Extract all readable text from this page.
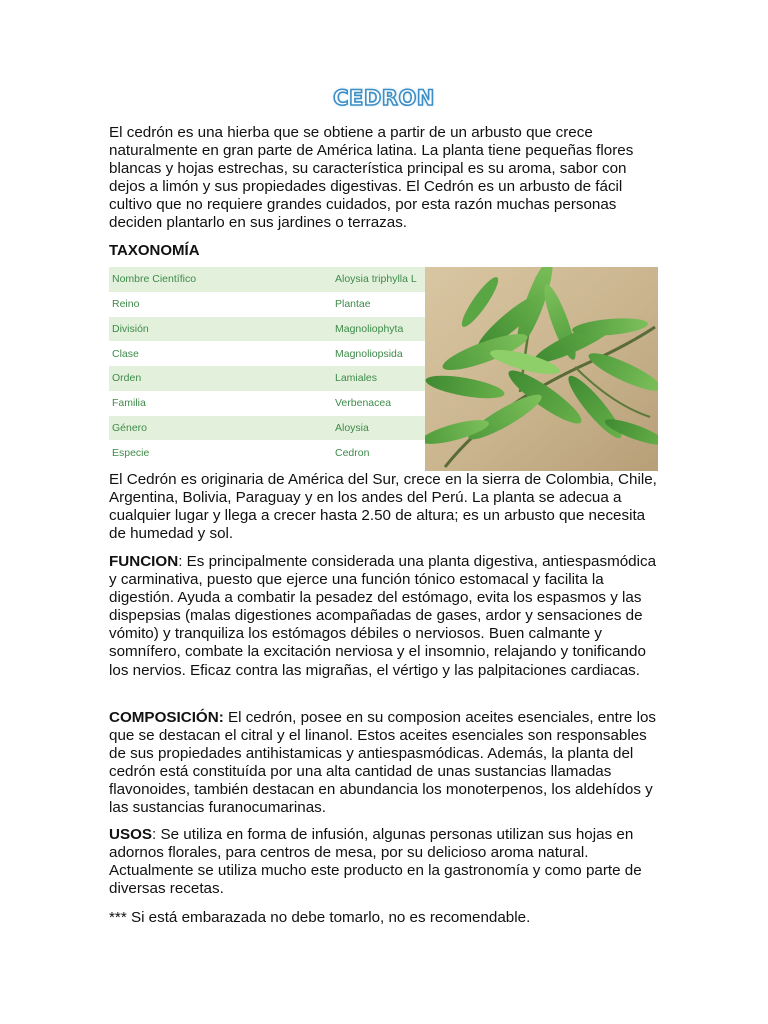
CEDRON

El cedrón es una hierba que se obtiene a partir de un arbusto que crece naturalmente en gran parte de América latina. La planta tiene pequeñas flores blancas y hojas estrechas, su característica principal es su aroma, sabor con dejos a limón y sus propiedades digestivas. El Cedrón es un arbusto de fácil cultivo que no requiere grandes cuidados, por esta razón muchas personas deciden plantarlo en sus jardines o terrazas.

TAXONOMÍA
Nombre Científico	Aloysia triphylla L
Reino	Plantae
División	Magnoliophyta
Clase	Magnoliopsida
Orden	Lamiales
Familia	Verbenacea
Género	Aloysia
Especie	Cedron

El Cedrón es originaria de América del Sur, crece en la sierra de Colombia, Chile, Argentina, Bolivia, Paraguay y en los andes del Perú. La planta se adecua a cualquier lugar y llega a crecer hasta 2.50 de altura; es un arbusto que necesita de humedad y sol.

FUNCION: Es principalmente considerada una planta digestiva, antiespasmódica y carminativa, puesto que ejerce una función tónico estomacal y facilita la digestión. Ayuda a combatir la pesadez del estómago, evita los espasmos y las dispepsias (malas digestiones acompañadas de gases, ardor y sensaciones de vómito) y tranquiliza los estómagos débiles o nerviosos. Buen calmante y somnífero, combate la excitación nerviosa y el insomnio, relajando y tonificando los nervios. Eficaz contra las migrañas, el vértigo y las palpitaciones cardiacas.

COMPOSICIÓN: El cedrón, posee en su composion aceites esenciales, entre los que se destacan el citral y el linanol. Estos aceites esenciales son responsables de sus propiedades antihistamicas y antiespasmódicas. Además, la planta del cedrón está constituída por una alta cantidad de unas sustancias llamadas flavonoides, también destacan en abundancia los monoterpenos, los aldehídos y las sustancias furanocumarinas.

USOS: Se utiliza en forma de infusión, algunas personas utilizan sus hojas en adornos florales, para centros de mesa, por su delicioso aroma natural. Actualmente se utiliza mucho este producto en la gastronomía y como parte de diversas recetas.

*** Si está embarazada no debe tomarlo, no es recomendable.
